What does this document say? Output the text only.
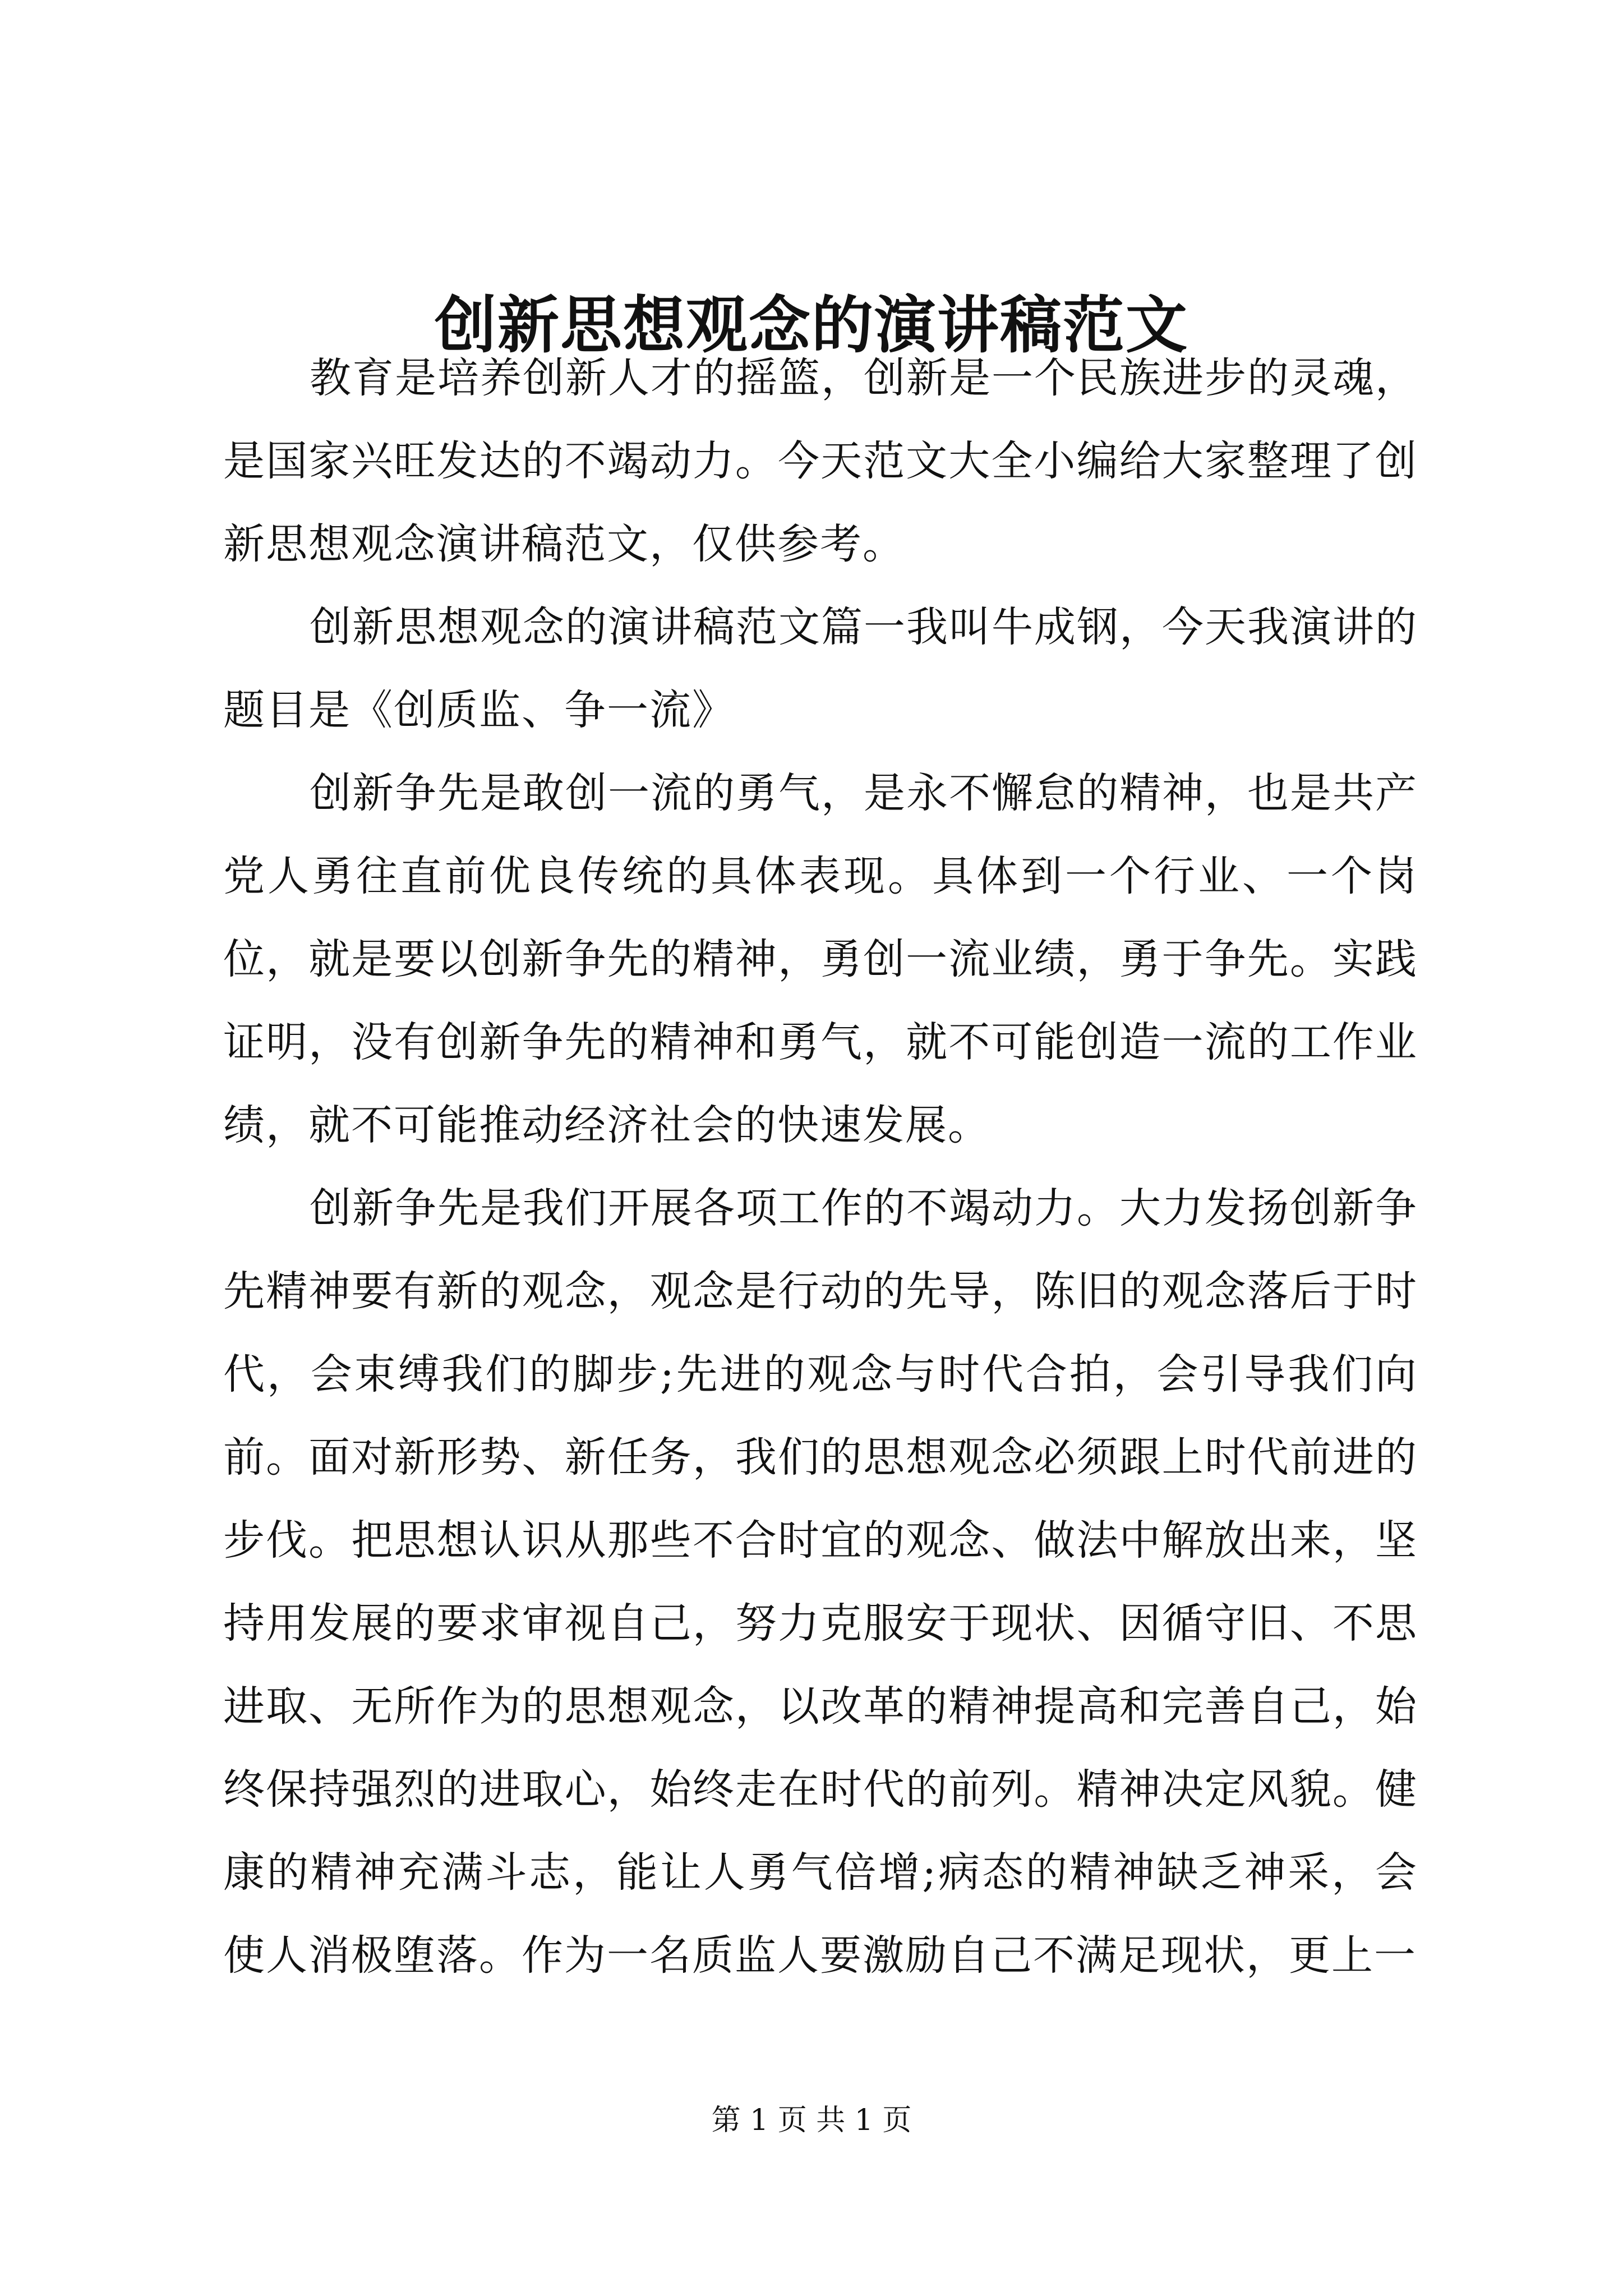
创新思想观念的演讲稿范文

教育是培养创新人才的摇篮，创新是一个民族进步的灵魂，是国家兴旺发达的不竭动力。今天范文大全小编给大家整理了创新思想观念演讲稿范文，仅供参考。

创新思想观念的演讲稿范文篇一我叫牛成钢，今天我演讲的题目是《创质监、争一流》

创新争先是敢创一流的勇气，是永不懈怠的精神，也是共产党人勇往直前优良传统的具体表现。具体到一个行业、一个岗位，就是要以创新争先的精神，勇创一流业绩，勇于争先。实践证明，没有创新争先的精神和勇气，就不可能创造一流的工作业绩，就不可能推动经济社会的快速发展。

创新争先是我们开展各项工作的不竭动力。大力发扬创新争先精神要有新的观念，观念是行动的先导，陈旧的观念落后于时代，会束缚我们的脚步;先进的观念与时代合拍，会引导我们向前。面对新形势、新任务，我们的思想观念必须跟上时代前进的步伐。把思想认识从那些不合时宜的观念、做法中解放出来，坚持用发展的要求审视自己，努力克服安于现状、因循守旧、不思进取、无所作为的思想观念，以改革的精神提高和完善自己，始终保持强烈的进取心，始终走在时代的前列。精神决定风貌。健康的精神充满斗志，能让人勇气倍增;病态的精神缺乏神采，会使人消极堕落。作为一名质监人要激励自己不满足现状，更上一

第 1 页 共 1 页
